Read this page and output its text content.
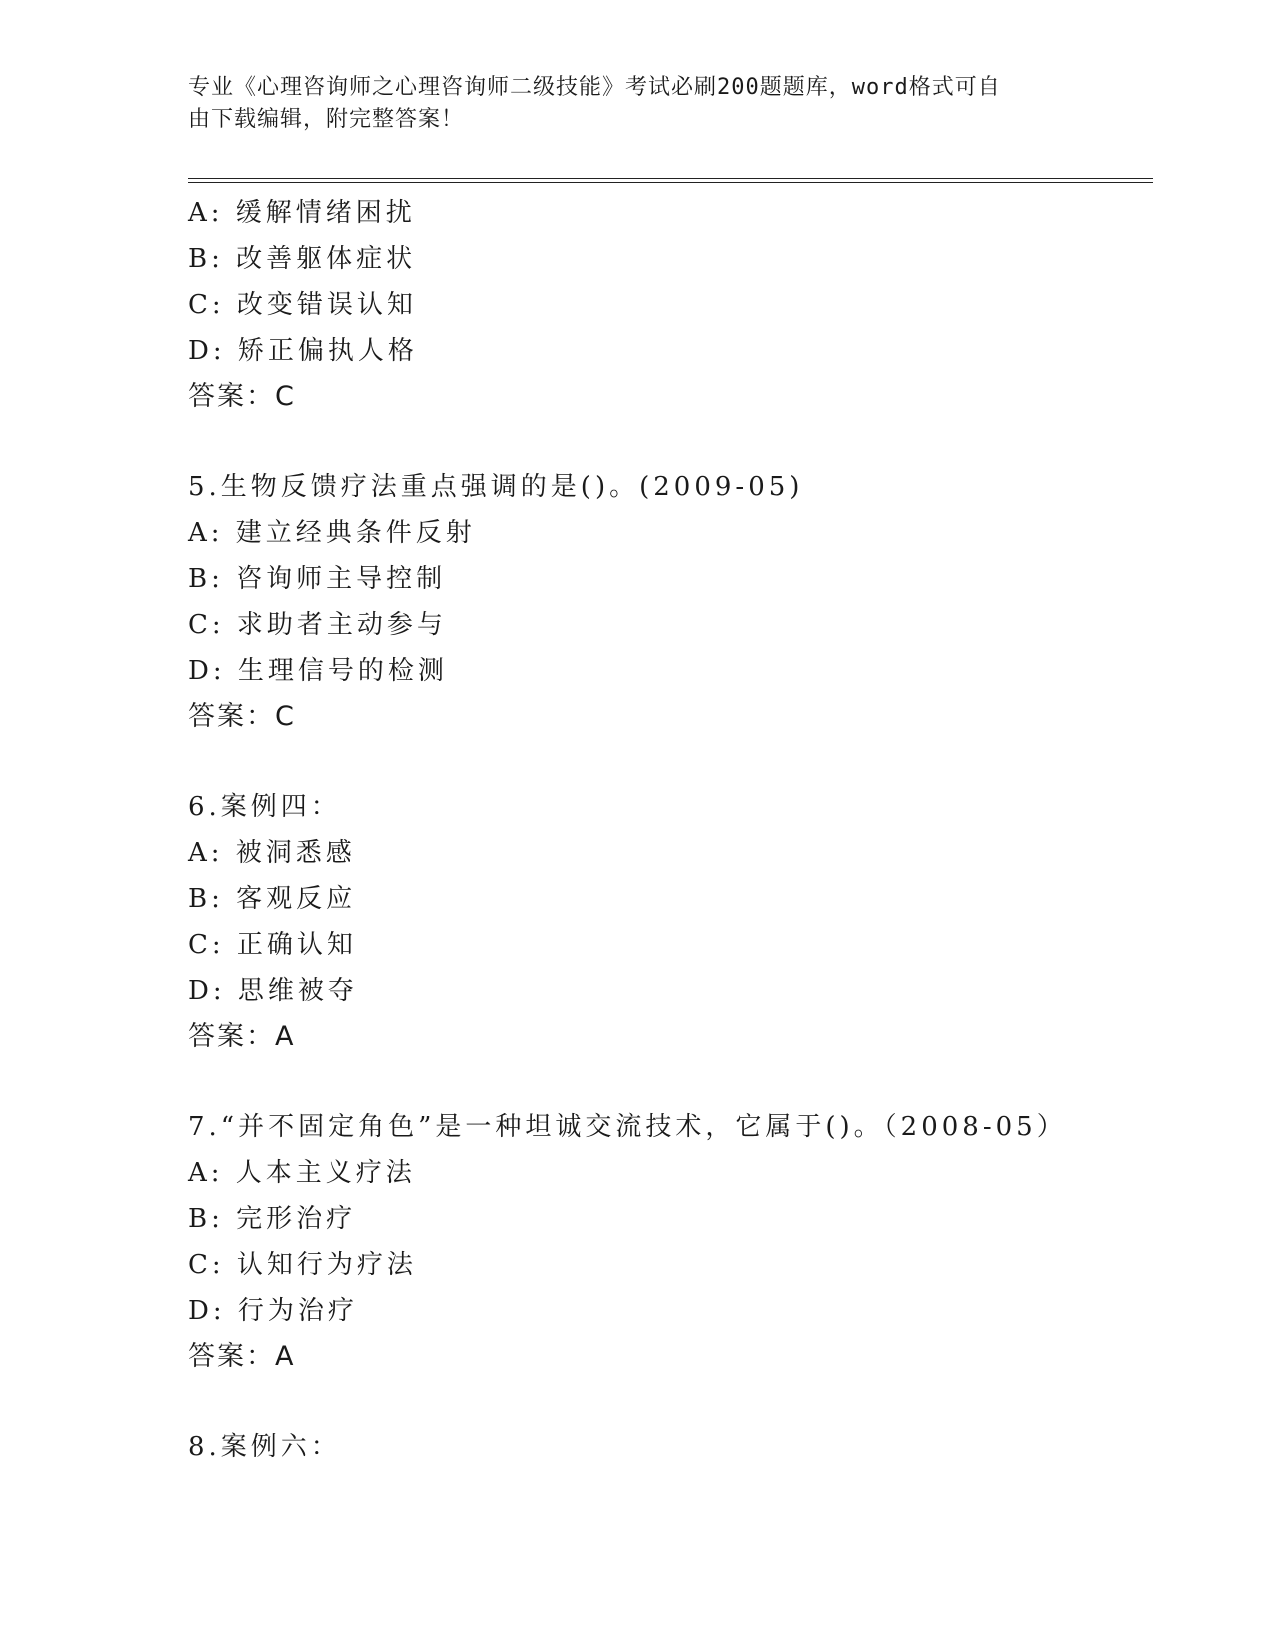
专业《心理咨询师之心理咨询师二级技能》考试必刷200题题库，word格式可自
由下载编辑，附完整答案！
A: 缓解情绪困扰
B: 改善躯体症状
C: 改变错误认知
D: 矫正偏执人格
答案：C
5.生物反馈疗法重点强调的是()。(2009-05)
A: 建立经典条件反射
B: 咨询师主导控制
C: 求助者主动参与
D: 生理信号的检测
答案：C
6.案例四：
A: 被洞悉感
B: 客观反应
C: 正确认知
D: 思维被夺
答案：A
7.“并不固定角色”是一种坦诚交流技术，它属于()。（2008-05）
A: 人本主义疗法
B: 完形治疗
C: 认知行为疗法
D: 行为治疗
答案：A
8.案例六：
